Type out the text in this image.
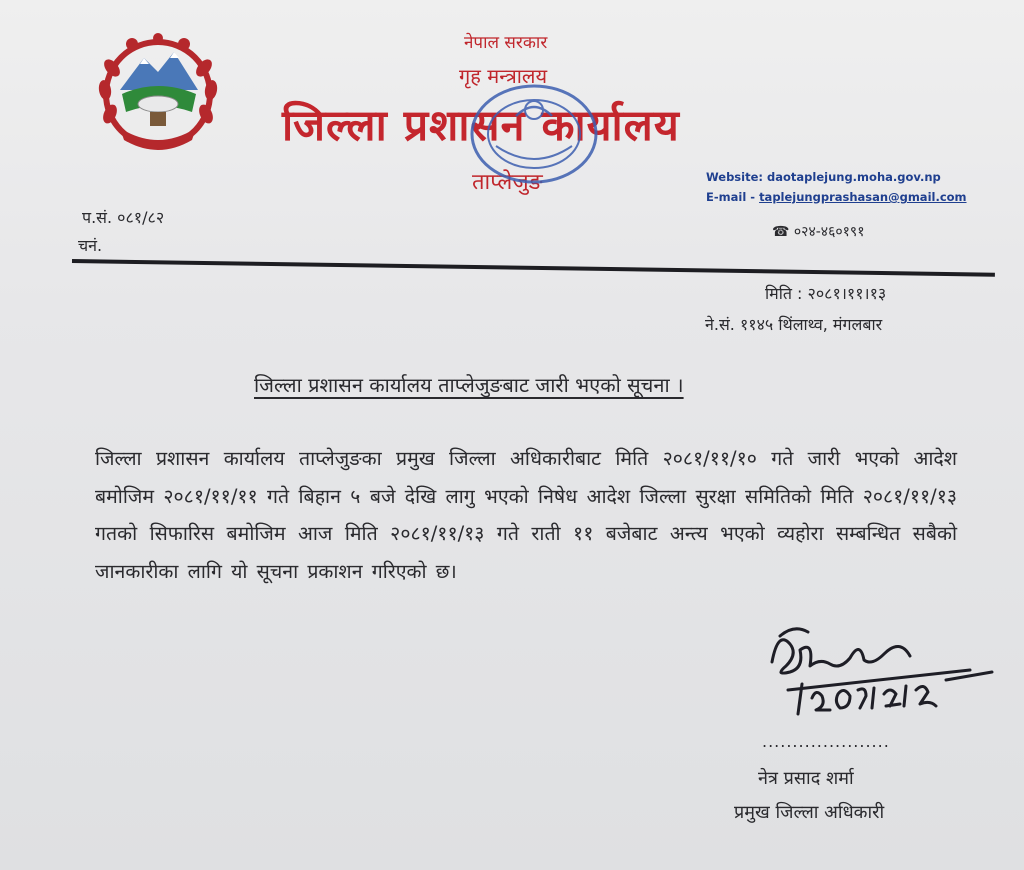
नेपाल सरकार
गृह मन्त्रालय
जिल्ला प्रशासन कार्यालय
ताप्लेजुङ	Website: daotaplejung.moha.gov.np
E-mail - taplejungprashasan@gmail.com
☎ ०२४-४६०१९१
प.सं. ०८१/८२
चनं.
मिति : २०८१।११।१३
ने.सं. ११४५ थिंलाथ्व, मंगलबार
जिल्ला प्रशासन कार्यालय ताप्लेजुङबाट जारी भएको सूचना ।
जिल्ला प्रशासन कार्यालय ताप्लेजुङका प्रमुख जिल्ला अधिकारीबाट मिति २०८१/११/१० गते जारी भएको आदेश बमोजिम २०८१/११/११ गते बिहान ५ बजे देखि लागु भएको निषेध आदेश जिल्ला सुरक्षा समितिको मिति २०८१/११/१३ गतको सिफारिस बमोजिम आज मिति २०८१/११/१३ गते राती ११ बजेबाट अन्त्य भएको व्यहोरा सम्बन्धित सबैको जानकारीका लागि यो सूचना प्रकाशन गरिएको छ।
.....................
नेत्र प्रसाद शर्मा
प्रमुख जिल्ला अधिकारी
